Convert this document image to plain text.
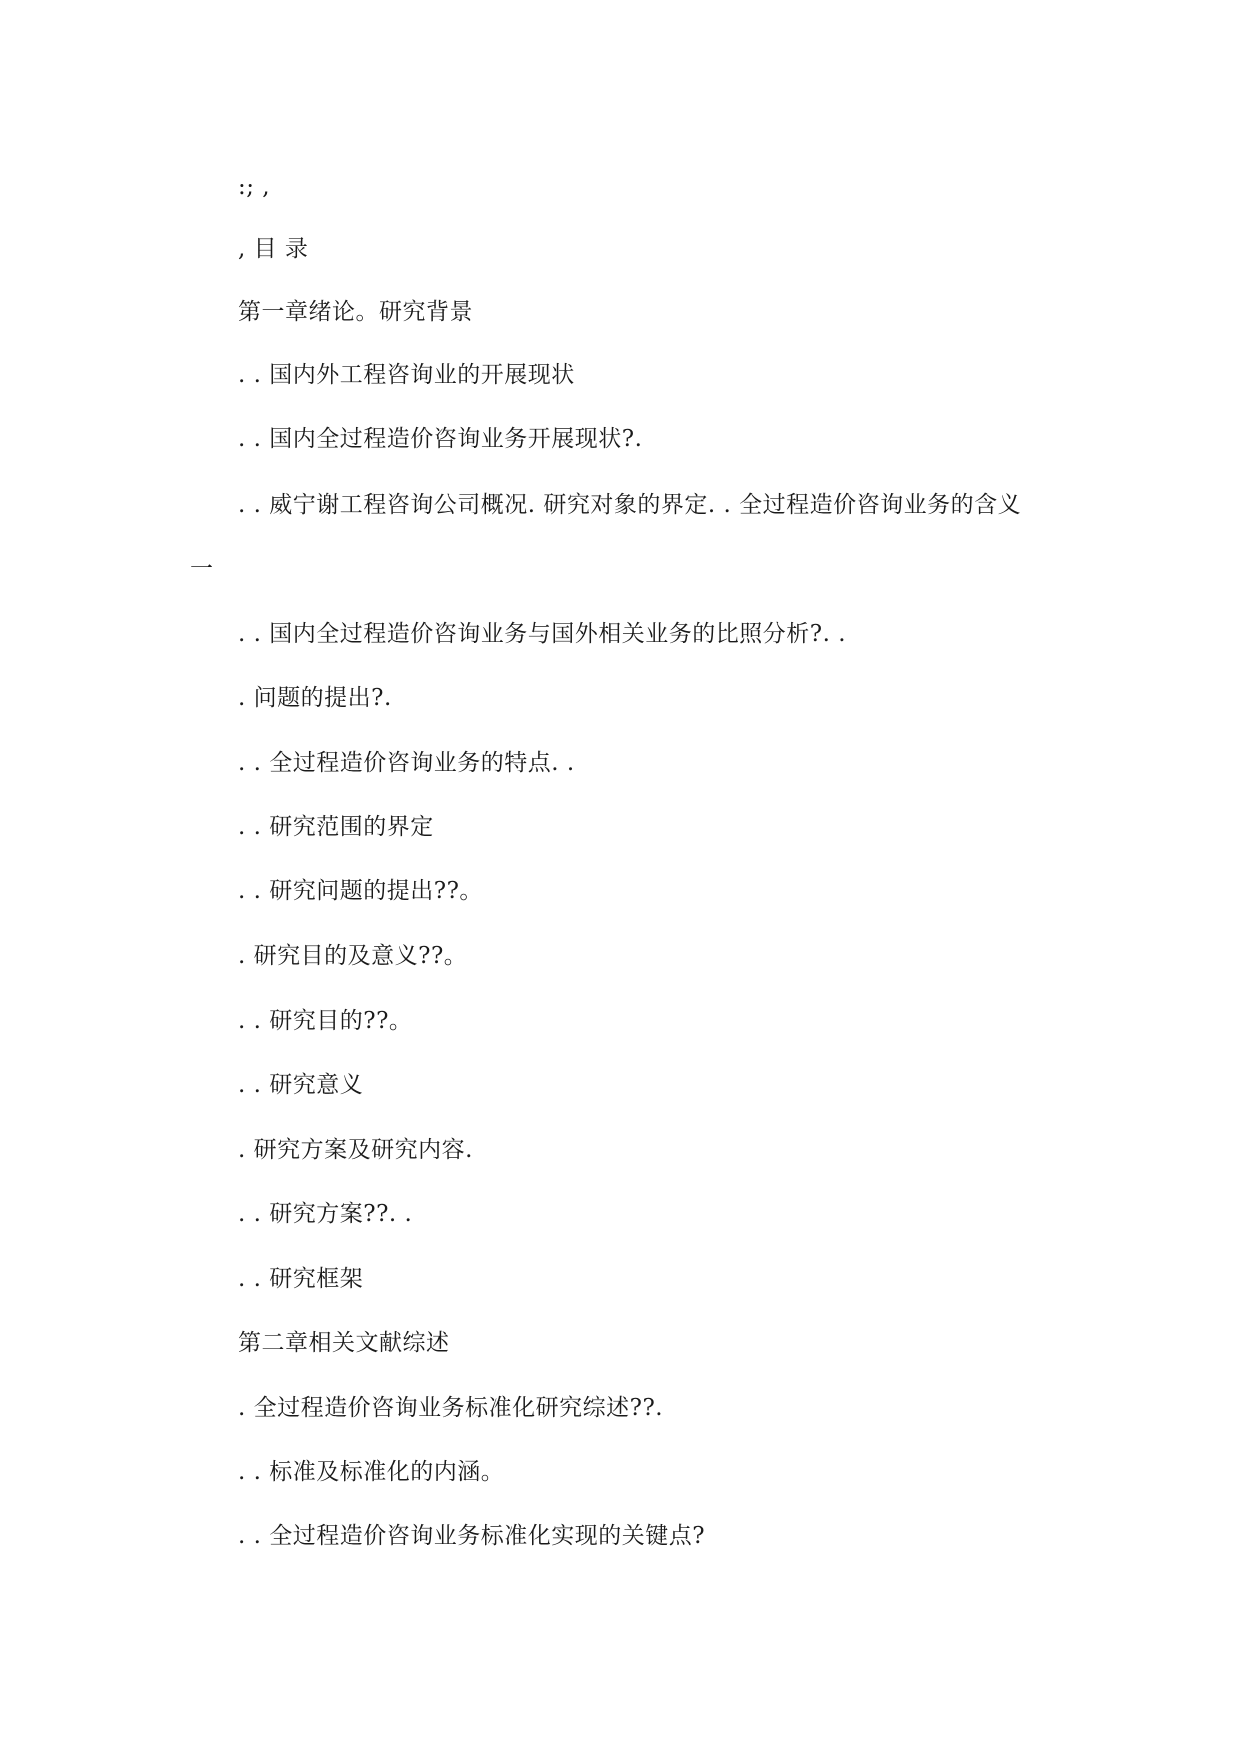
:; ,
, 目 录
第一章绪论。研究背景
. . 国内外工程咨询业的开展现状
. . 国内全过程造价咨询业务开展现状?.
. . 威宁谢工程咨询公司概况. 研究对象的界定. . 全过程造价咨询业务的含义
一
. . 国内全过程造价咨询业务与国外相关业务的比照分析?. .
. 问题的提出?.
. . 全过程造价咨询业务的特点. .
. . 研究范围的界定
. . 研究问题的提出??。
. 研究目的及意义??。
. . 研究目的??。
. . 研究意义
. 研究方案及研究内容.
. . 研究方案??. .
. . 研究框架
第二章相关文献综述
. 全过程造价咨询业务标准化研究综述??.
. . 标准及标准化的内涵。
. . 全过程造价咨询业务标准化实现的关键点?
